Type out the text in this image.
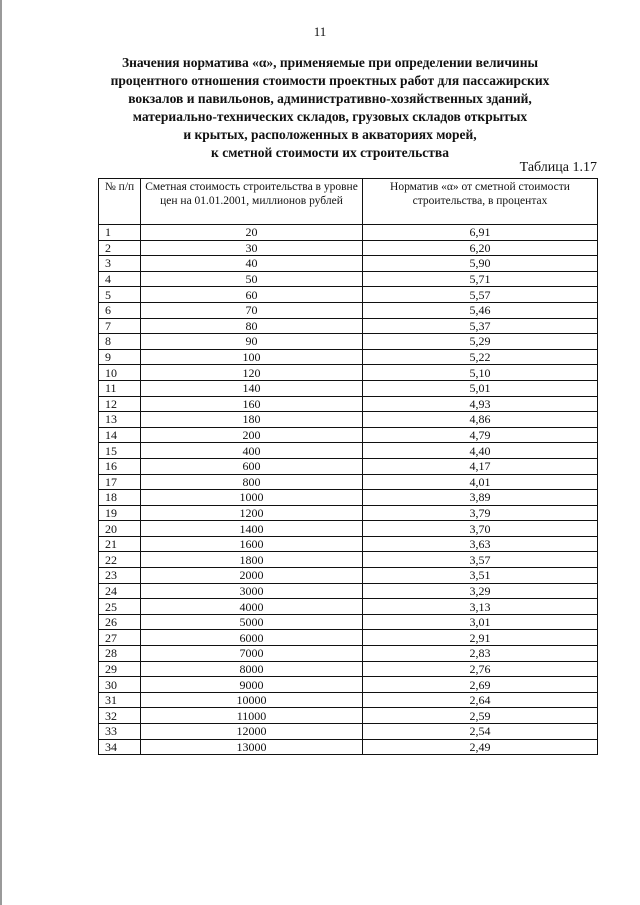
11
Значения норматива «α», применяемые при определении величины
процентного отношения стоимости проектных работ для пассажирских
вокзалов и павильонов, административно-хозяйственных зданий,
материально-технических складов, грузовых складов открытых
и крытых, расположенных в акваториях морей,
к сметной стоимости их строительства
Таблица 1.17
№ п/п	Сметная стоимость строительства в уровне цен на 01.01.2001, миллионов рублей	Норматив «α» от сметной стоимости строительства, в процентах
1	20	6,91
2	30	6,20
3	40	5,90
4	50	5,71
5	60	5,57
6	70	5,46
7	80	5,37
8	90	5,29
9	100	5,22
10	120	5,10
11	140	5,01
12	160	4,93
13	180	4,86
14	200	4,79
15	400	4,40
16	600	4,17
17	800	4,01
18	1000	3,89
19	1200	3,79
20	1400	3,70
21	1600	3,63
22	1800	3,57
23	2000	3,51
24	3000	3,29
25	4000	3,13
26	5000	3,01
27	6000	2,91
28	7000	2,83
29	8000	2,76
30	9000	2,69
31	10000	2,64
32	11000	2,59
33	12000	2,54
34	13000	2,49
